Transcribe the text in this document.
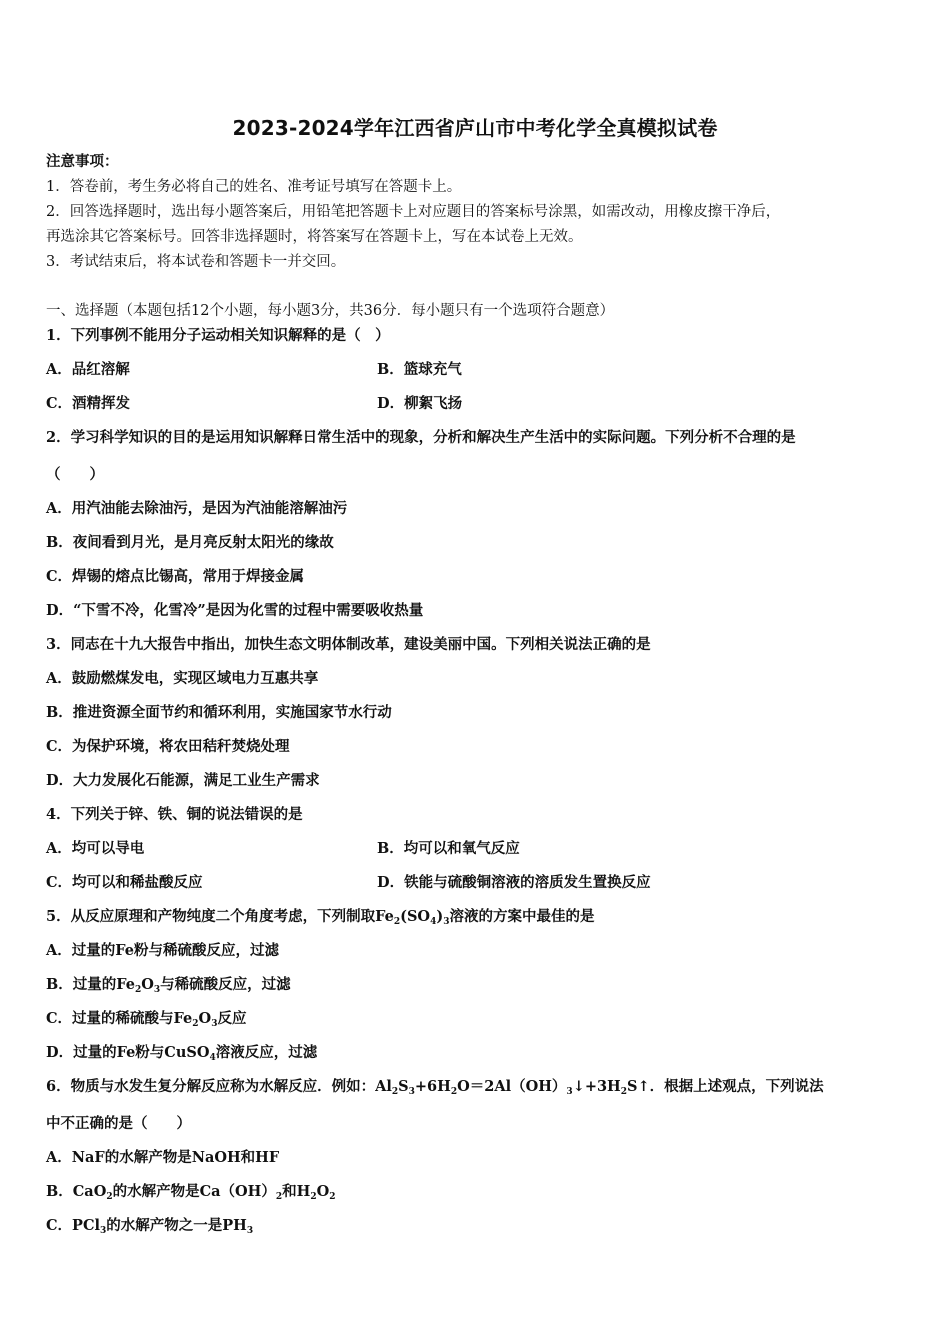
2023-2024学年江西省庐山市中考化学全真模拟试卷
注意事项：
1．答卷前，考生务必将自己的姓名、准考证号填写在答题卡上。
2．回答选择题时，选出每小题答案后，用铅笔把答题卡上对应题目的答案标号涂黑，如需改动，用橡皮擦干净后，
再选涂其它答案标号。回答非选择题时，将答案写在答题卡上，写在本试卷上无效。
3．考试结束后，将本试卷和答题卡一并交回。
一、选择题（本题包括12个小题，每小题3分，共36分．每小题只有一个选项符合题意）
1．下列事例不能用分子运动相关知识解释的是（　）
A．品红溶解	B．篮球充气
C．酒精挥发	D．柳絮飞扬
2．学习科学知识的目的是运用知识解释日常生活中的现象，分析和解决生产生活中的实际问题。下列分析不合理的是
（　　）
A．用汽油能去除油污，是因为汽油能溶解油污
B．夜间看到月光，是月亮反射太阳光的缘故
C．焊锡的熔点比锡高，常用于焊接金属
D．“下雪不冷，化雪冷”是因为化雪的过程中需要吸收热量
3．同志在十九大报告中指出，加快生态文明体制改革，建设美丽中国。下列相关说法正确的是
A．鼓励燃煤发电，实现区域电力互惠共享
B．推进资源全面节约和循环利用，实施国家节水行动
C．为保护环境，将农田秸秆焚烧处理
D．大力发展化石能源，满足工业生产需求
4．下列关于锌、铁、铜的说法错误的是
A．均可以导电	B．均可以和氧气反应
C．均可以和稀盐酸反应	D．铁能与硫酸铜溶液的溶质发生置换反应
5．从反应原理和产物纯度二个角度考虑，下列制取$Fe_2(SO_4)_3$溶液的方案中最佳的是
A．过量的Fe粉与稀硫酸反应，过滤
B．过量的$Fe_2O_3$与稀硫酸反应，过滤
C．过量的稀硫酸与$Fe_2O_3$反应
D．过量的Fe粉与CuSO$_4$溶液反应，过滤
6．物质与水发生复分解反应称为水解反应．例如：$Al_2S_3+6H_2O=2Al(OH)_3↓+3H_2S↑$．根据上述观点，下列说法
中不正确的是（　　）
A．NaF的水解产物是NaOH和HF
B．CaO$_2$的水解产物是$Ca(OH)_2$和$H_2O_2$
C．PCl$_3$的水解产物之一是$PH_3$
